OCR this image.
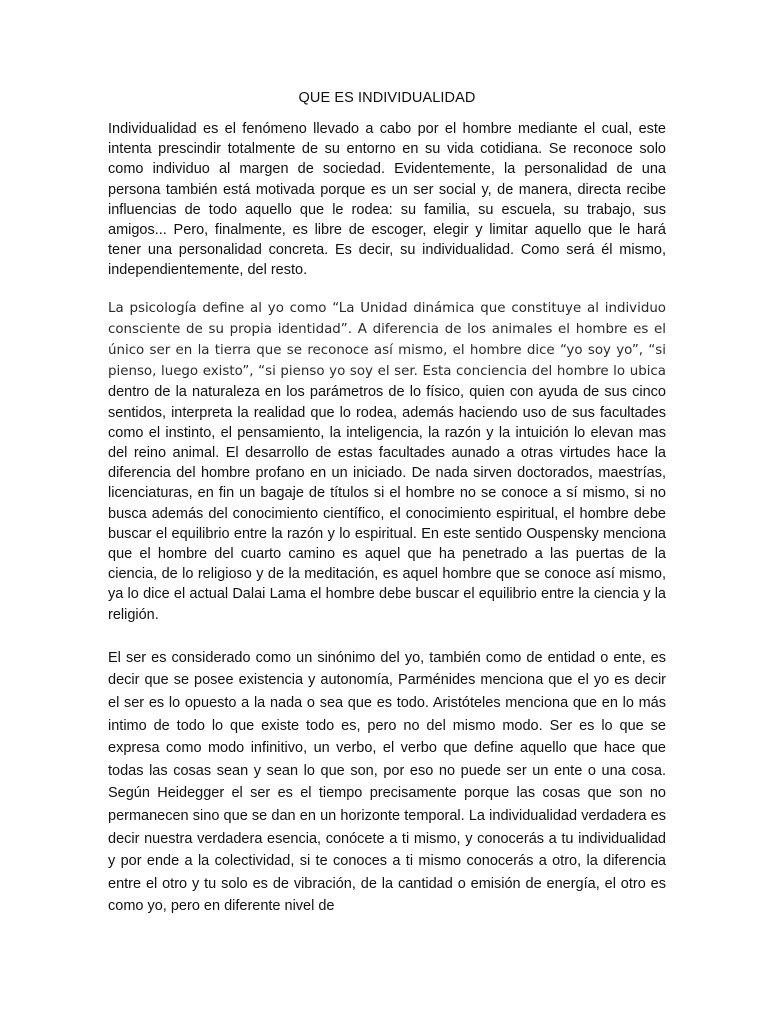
QUE ES INDIVIDUALIDAD

Individualidad es el fenómeno llevado a cabo por el hombre mediante el cual, este intenta prescindir totalmente de su entorno en su vida cotidiana. Se reconoce solo como individuo al margen de sociedad. Evidentemente, la personalidad de una persona también está motivada porque es un ser social y, de manera, directa recibe influencias de todo aquello que le rodea: su familia, su escuela, su trabajo, sus amigos... Pero, finalmente, es libre de escoger, elegir y limitar aquello que le hará tener una personalidad concreta. Es decir, su individualidad. Como será él mismo, independientemente, del resto.

La psicología define al yo como “La Unidad dinámica que constituye al individuo consciente de su propia identidad”. A diferencia de los animales el hombre es el único ser en la tierra que se reconoce así mismo, el hombre dice “yo soy yo”, “si pienso, luego existo”, “si pienso yo soy el ser. Esta conciencia del hombre lo ubica dentro de la naturaleza en los parámetros de lo físico, quien con ayuda de sus cinco sentidos, interpreta la realidad que lo rodea, además haciendo uso de sus facultades como el instinto, el pensamiento, la inteligencia, la razón y la intuición lo elevan mas del reino animal. El desarrollo de estas facultades aunado a otras virtudes hace la diferencia del hombre profano en un iniciado. De nada sirven doctorados, maestrías, licenciaturas, en fin un bagaje de títulos si el hombre no se conoce a sí mismo, si no busca además del conocimiento científico, el conocimiento espiritual, el hombre debe buscar el equilibrio entre la razón y lo espiritual. En este sentido Ouspensky menciona que el hombre del cuarto camino es aquel que ha penetrado a las puertas de la ciencia, de lo religioso y de la meditación, es aquel hombre que se conoce así mismo, ya lo dice el actual Dalai Lama el hombre debe buscar el equilibrio entre la ciencia y la religión.

El ser es considerado como un sinónimo del yo, también como de entidad o ente, es decir que se posee existencia y autonomía, Parménides menciona que el yo es decir el ser es lo opuesto a la nada o sea que es todo. Aristóteles menciona que en lo más intimo de todo lo que existe todo es, pero no del mismo modo. Ser es lo que se expresa como modo infinitivo, un verbo, el verbo que define aquello que hace que todas las cosas sean y sean lo que son, por eso no puede ser un ente o una cosa. Según Heidegger el ser es el tiempo precisamente porque las cosas que son no permanecen sino que se dan en un horizonte temporal. La individualidad verdadera es decir nuestra verdadera esencia, conócete a ti mismo, y conocerás a tu individualidad y por ende a la colectividad, si te conoces a ti mismo conocerás a otro, la diferencia entre el otro y tu solo es de vibración, de la cantidad o emisión de energía, el otro es como yo, pero en diferente nivel de
